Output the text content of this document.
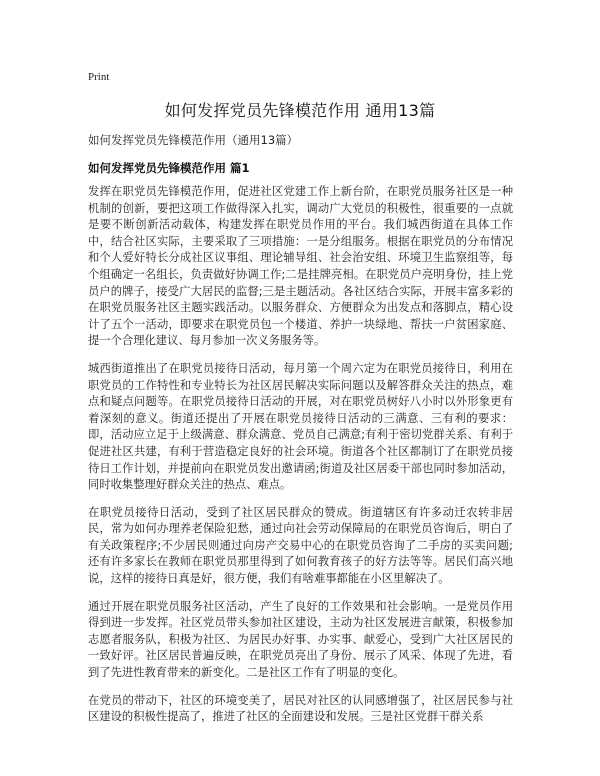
Print
如何发挥党员先锋模范作用 通用13篇
如何发挥党员先锋模范作用（通用13篇）
如何发挥党员先锋模范作用 篇1

发挥在职党员先锋模范作用，促进社区党建工作上新台阶，在职党员服务社区是一种机制的创新，要把这项工作做得深入扎实，调动广大党员的积极性，很重要的一点就是要不断创新活动载体，构建发挥在职党员作用的平台。我们城西街道在具体工作中，结合社区实际，主要采取了三项措施：一是分组服务。根据在职党员的分布情况和个人爱好特长分成社区议事组、理论辅导组、社会治安组、环境卫生监察组等，每个组确定一名组长，负责做好协调工作;二是挂牌亮相。在职党员户亮明身份，挂上党员户的牌子，接受广大居民的监督;三是主题活动。各社区结合实际，开展丰富多彩的在职党员服务社区主题实践活动。以服务群众、方便群众为出发点和落脚点，精心设计了五个一活动，即要求在职党员包一个楼道、养护一块绿地、帮扶一户贫困家庭、提一个合理化建议、每月参加一次义务服务等。

城西街道推出了在职党员接待日活动，每月第一个周六定为在职党员接待日，利用在职党员的工作特性和专业特长为社区居民解决实际问题以及解答群众关注的热点，难点和疑点问题等。在职党员接待日活动的开展，对在职党员树好八小时以外形象更有着深刻的意义。街道还提出了开展在职党员接待日活动的三满意、三有利的要求：即，活动应立足于上级满意、群众满意、党员自己满意;有利于密切党群关系、有利于促进社区共建，有利于营造稳定良好的社会环境。街道各个社区都制订了在职党员接待日工作计划，并提前向在职党员发出邀请函;街道及社区居委干部也同时参加活动，同时收集整理好群众关注的热点、难点。

在职党员接待日活动，受到了社区居民群众的赞成。街道辖区有许多动迁农转非居民，常为如何办理养老保险犯愁，通过向社会劳动保障局的在职党员咨询后，明白了有关政策程序;不少居民则通过向房产交易中心的在职党员咨询了二手房的买卖问题;还有许多家长在教师在职党员那里得到了如何教育孩子的好方法等等。居民们高兴地说，这样的接待日真是好，很方便，我们有啥难事都能在小区里解决了。

通过开展在职党员服务社区活动，产生了良好的工作效果和社会影响。一是党员作用得到进一步发挥。社区党员带头参加社区建设，主动为社区发展进言献策，积极参加志愿者服务队，积极为社区、为居民办好事、办实事、献爱心，受到广大社区居民的一致好评。社区居民普遍反映，在职党员亮出了身份、展示了风采、体现了先进，看到了先进性教育带来的新变化。二是社区工作有了明显的变化。

在党员的带动下，社区的环境变美了，居民对社区的认同感增强了，社区居民参与社区建设的积极性提高了，推进了社区的全面建设和发展。三是社区党群干群关系
